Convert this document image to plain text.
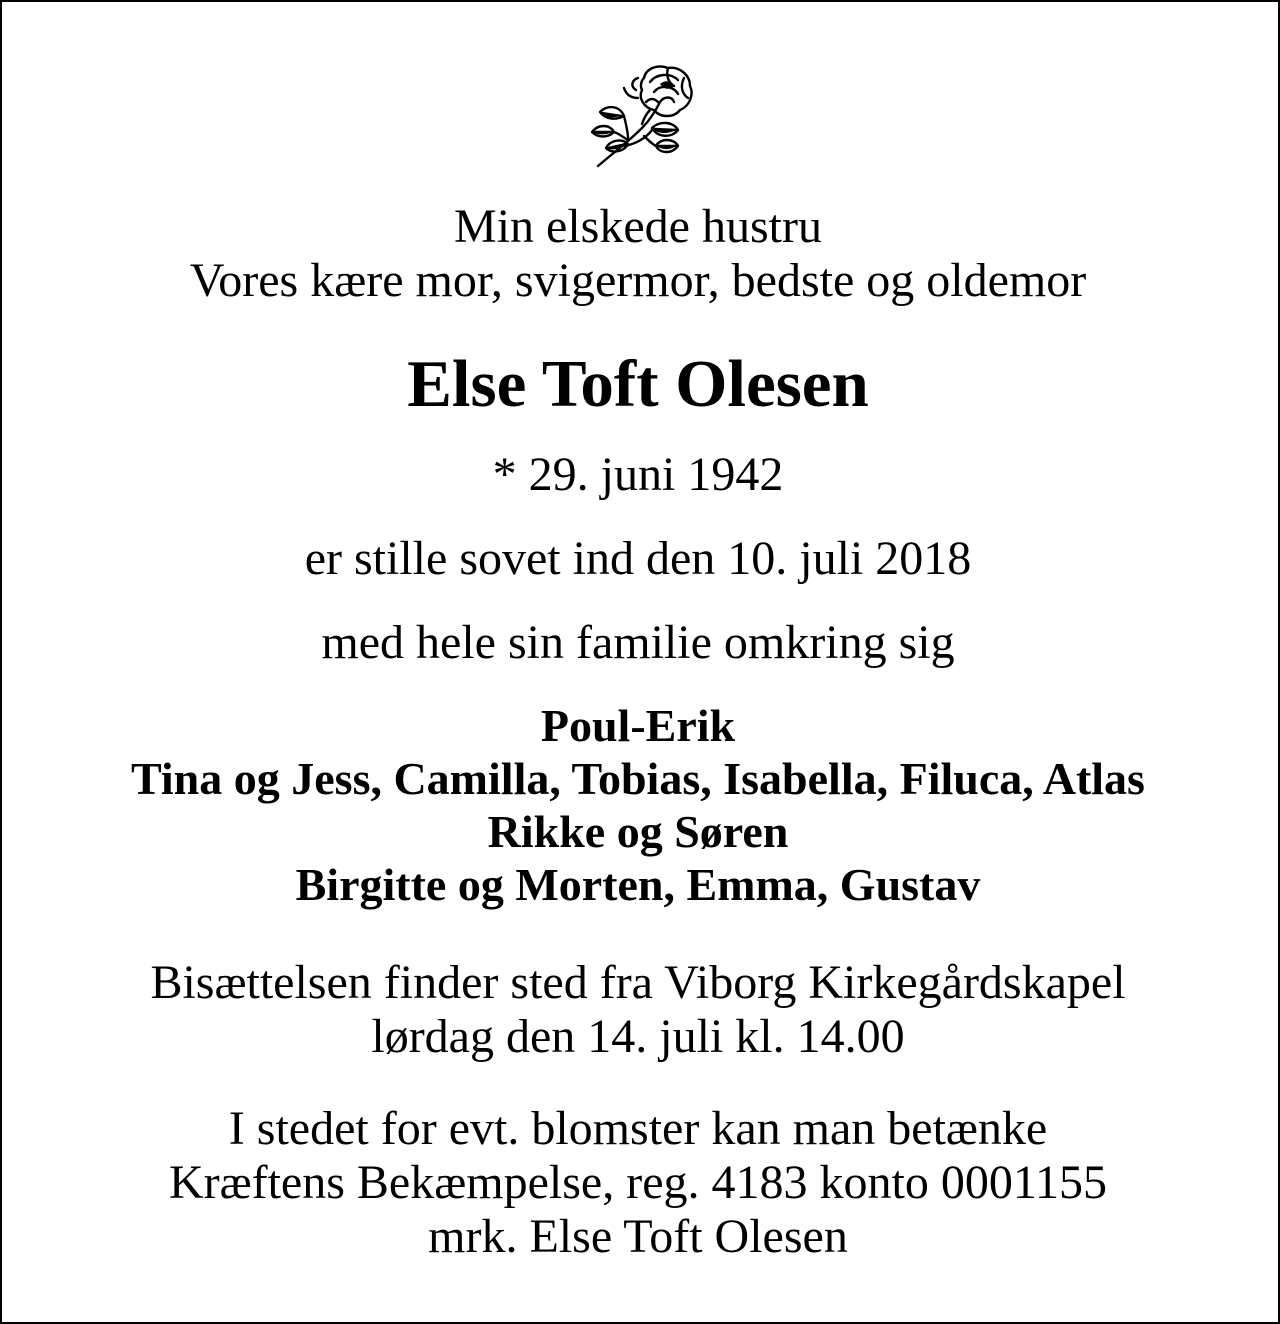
Min elskede hustru
Vores kære mor, svigermor, bedste og oldemor
Else Toft Olesen
* 29. juni 1942
er stille sovet ind den 10. juli 2018
med hele sin familie omkring sig
Poul-Erik
Tina og Jess, Camilla, Tobias, Isabella, Filuca, Atlas
Rikke og Søren
Birgitte og Morten, Emma, Gustav
Bisættelsen finder sted fra Viborg Kirkegårdskapel
lørdag den 14. juli kl. 14.00
I stedet for evt. blomster kan man betænke
Kræftens Bekæmpelse, reg. 4183 konto 0001155
mrk. Else Toft Olesen
